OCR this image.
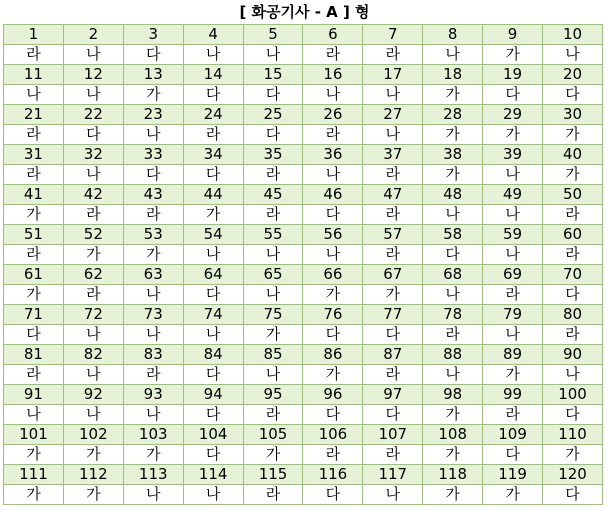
[ 화공기사 - A ] 형
1	2	3	4	5	6	7	8	9	10
라	나	다	나	나	라	라	나	가	나
11	12	13	14	15	16	17	18	19	20
나	나	가	다	다	나	나	가	다	다
21	22	23	24	25	26	27	28	29	30
라	다	나	라	다	라	나	가	가	가
31	32	33	34	35	36	37	38	39	40
라	나	다	다	라	나	라	가	나	가
41	42	43	44	45	46	47	48	49	50
가	라	라	가	라	다	라	나	나	라
51	52	53	54	55	56	57	58	59	60
라	가	가	나	나	나	라	다	나	라
61	62	63	64	65	66	67	68	69	70
가	라	나	다	나	가	가	나	라	다
71	72	73	74	75	76	77	78	79	80
다	나	나	나	가	다	다	라	나	라
81	82	83	84	85	86	87	88	89	90
라	나	라	다	나	가	라	나	가	나
91	92	93	94	95	96	97	98	99	100
나	나	나	다	라	다	다	가	라	다
101	102	103	104	105	106	107	108	109	110
가	가	가	다	가	라	라	가	다	가
111	112	113	114	115	116	117	118	119	120
가	가	나	나	라	다	나	가	가	다
